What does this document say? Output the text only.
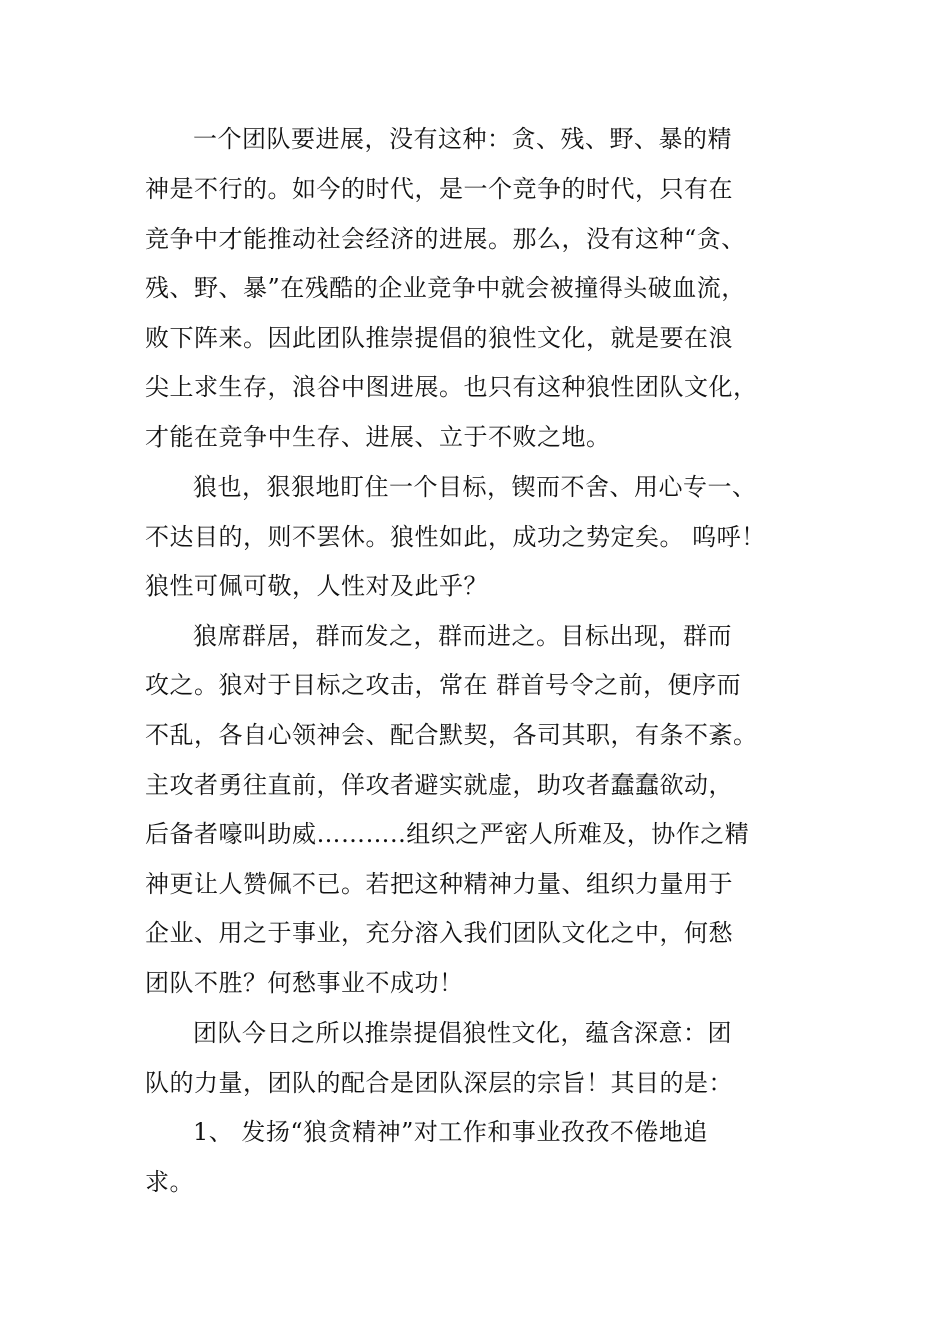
一个团队要进展，没有这种：贪、残、野、暴的精
神是不行的。如今的时代，是一个竞争的时代，只有在
竞争中才能推动社会经济的进展。那么，没有这种“贪、
残、野、暴”在残酷的企业竞争中就会被撞得头破血流，
败下阵来。因此团队推崇提倡的狼性文化，就是要在浪
尖上求生存，浪谷中图进展。也只有这种狼性团队文化，
才能在竞争中生存、进展、立于不败之地。
狼也，狠狠地盯住一个目标，锲而不舍、用心专一、
不达目的，则不罢休。狼性如此，成功之势定矣。 呜呼！
狼性可佩可敬，人性对及此乎？
狼席群居，群而发之，群而进之。目标出现，群而
攻之。狼对于目标之攻击，常在 群首号令之前，便序而
不乱，各自心领神会、配合默契，各司其职，有条不紊。
主攻者勇往直前，佯攻者避实就虚，助攻者蠢蠢欲动，
后备者嚎叫助威………..组织之严密人所难及，协作之精
神更让人赞佩不已。若把这种精神力量、组织力量用于
企业、用之于事业，充分溶入我们团队文化之中，何愁
团队不胜？何愁事业不成功！
团队今日之所以推崇提倡狼性文化，蕴含深意：团
队的力量，团队的配合是团队深层的宗旨！其目的是：
1、 发扬“狼贪精神”对工作和事业孜孜不倦地追
求。
